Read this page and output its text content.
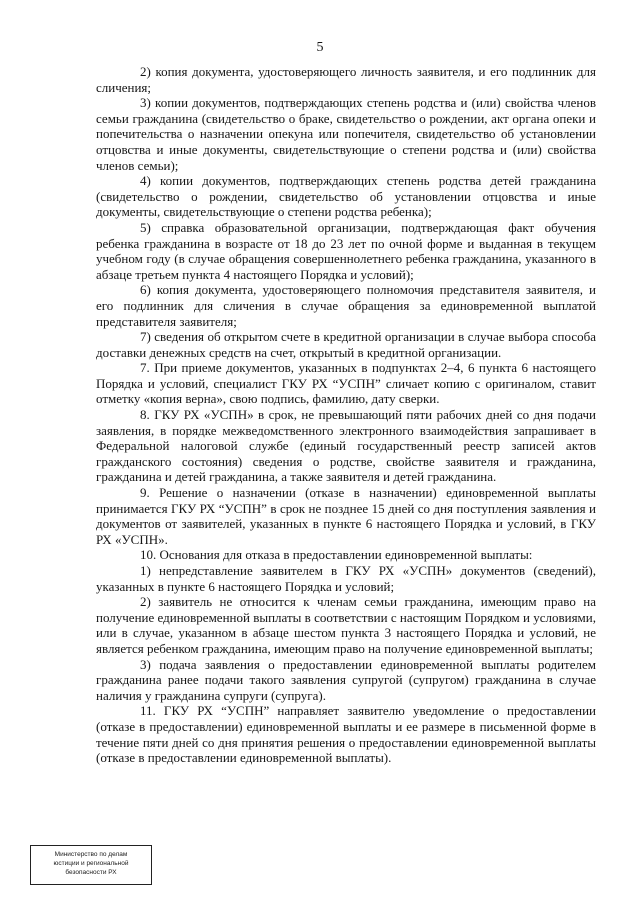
5

2) копия документа, удостоверяющего личность заявителя, и его подлинник для сличения;

3) копии документов, подтверждающих степень родства и (или) свойства членов семьи гражданина (свидетельство о браке, свидетельство о рождении, акт органа опеки и попечительства о назначении опекуна или попечителя, свидетельство об установлении отцовства и иные документы, свидетельствующие о степени родства и (или) свойства членов семьи);

4) копии документов, подтверждающих степень родства детей гражданина (свидетельство о рождении, свидетельство об установлении отцовства и иные документы, свидетельствующие о степени родства ребенка);

5) справка образовательной организации, подтверждающая факт обучения ребенка гражданина в возрасте от 18 до 23 лет по очной форме и выданная в текущем учебном году (в случае обращения совершеннолетнего ребенка гражданина, указанного в абзаце третьем пункта 4 настоящего Порядка и условий);

6) копия документа, удостоверяющего полномочия представителя заявителя, и его подлинник для сличения в случае обращения за единовременной выплатой представителя заявителя;

7) сведения об открытом счете в кредитной организации в случае выбора способа доставки денежных средств на счет, открытый в кредитной организации.

7. При приеме документов, указанных в подпунктах 2–4, 6 пункта 6 настоящего Порядка и условий, специалист ГКУ РХ “УСПН” сличает копию с оригиналом, ставит отметку «копия верна», свою подпись, фамилию, дату сверки.

8. ГКУ РХ «УСПН» в срок, не превышающий пяти рабочих дней со дня подачи заявления, в порядке межведомственного электронного взаимодействия запрашивает в Федеральной налоговой службе (единый государственный реестр записей актов гражданского состояния) сведения о родстве, свойстве заявителя и гражданина, гражданина и детей гражданина, а также заявителя и детей гражданина.

9. Решение о назначении (отказе в назначении) единовременной выплаты принимается ГКУ РХ “УСПН” в срок не позднее 15 дней со дня поступления заявления и документов от заявителей, указанных в пункте 6 настоящего Порядка и условий, в ГКУ РХ «УСПН».

10. Основания для отказа в предоставлении единовременной выплаты:

1) непредставление заявителем в ГКУ РХ «УСПН» документов (сведений), указанных в пункте 6 настоящего Порядка и условий;

2) заявитель не относится к членам семьи гражданина, имеющим право на получение единовременной выплаты в соответствии с настоящим Порядком и условиями, или в случае, указанном в абзаце шестом пункта 3 настоящего Порядка и условий, не является ребенком гражданина, имеющим право на получение единовременной выплаты;

3) подача заявления о предоставлении единовременной выплаты родителем гражданина ранее подачи такого заявления супругой (супругом) гражданина в случае наличия у гражданина супруги (супруга).

11. ГКУ РХ “УСПН” направляет заявителю уведомление о предоставлении (отказе в предоставлении) единовременной выплаты и ее размере в письменной форме в течение пяти дней со дня принятия решения о предоставлении единовременной выплаты (отказе в предоставлении единовременной выплаты).

Министерство по делам
юстиции и региональной
безопасности РХ
